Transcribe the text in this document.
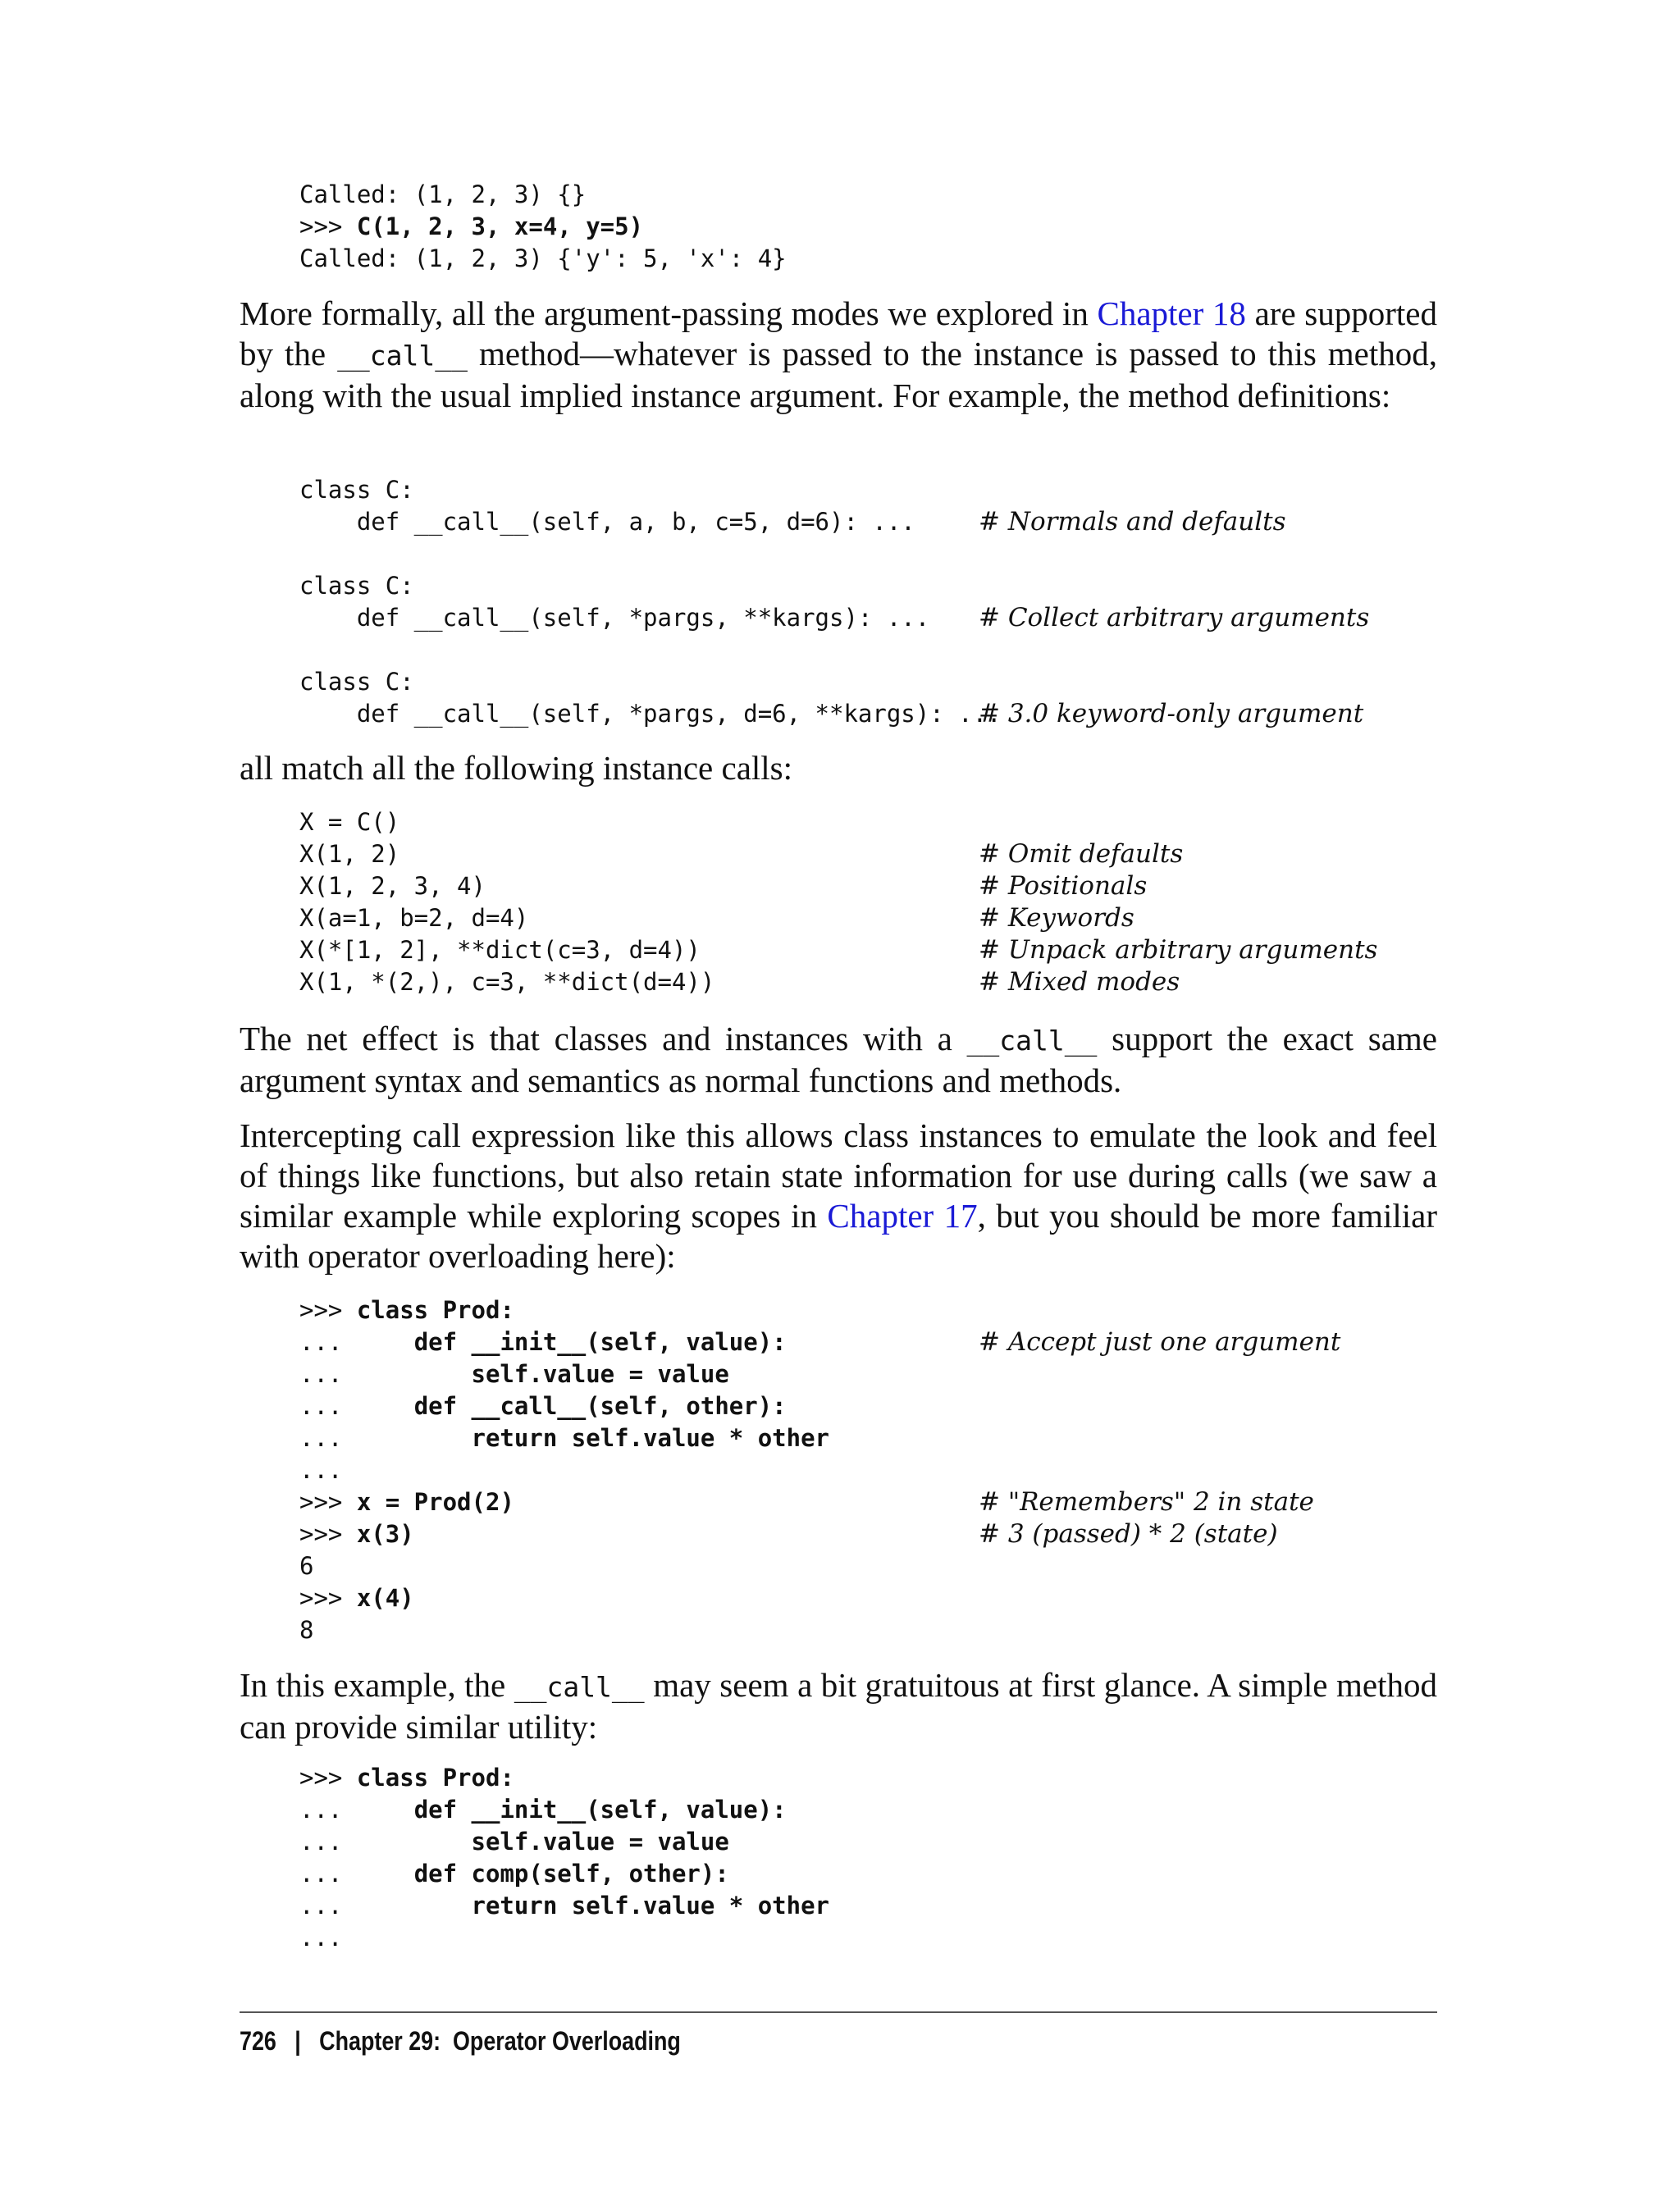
Called: (1, 2, 3) {}
>>> C(1, 2, 3, x=4, y=5)
Called: (1, 2, 3) {'y': 5, 'x': 4}

More formally, all the argument-passing modes we explored in Chapter 18 are supported by the __call__ method—whatever is passed to the instance is passed to this method, along with the usual implied instance argument. For example, the method definitions:

class C:
def __call__(self, a, b, c=5, d=6): ... # Normals and defaults
class C:
def __call__(self, *pargs, **kargs): ... # Collect arbitrary arguments
class C:
def __call__(self, *pargs, d=6, **kargs): ...
# 3.0 keyword-only argument

all match all the following instance calls:

X = C()
X(1, 2)	# Omit defaults
X(1, 2, 3, 4)	# Positionals
X(a=1, b=2, d=4)	# Keywords
X(*[1, 2], **dict(c=3, d=4))	# Unpack arbitrary arguments
X(1, *(2,), c=3, **dict(d=4))	# Mixed modes

The net effect is that classes and instances with a __call__ support the exact same argument syntax and semantics as normal functions and methods.

Intercepting call expression like this allows class instances to emulate the look and feel of things like functions, but also retain state information for use during calls (we saw a similar example while exploring scopes in Chapter 17, but you should be more familiar with operator overloading here):

>>> class Prod:
...     def __init__(self, value):	# Accept just one argument
...         self.value = value
...     def __call__(self, other):
...         return self.value * other
...
>>> x = Prod(2)	# "Remembers" 2 in state
>>> x(3)	# 3 (passed) * 2 (state)
6
>>> x(4)
8

In this example, the __call__ may seem a bit gratuitous at first glance. A simple method can provide similar utility:

>>> class Prod:
...     def __init__(self, value):
...         self.value = value
...     def comp(self, other):
...         return self.value * other
...
726 | Chapter 29:  Operator Overloading
